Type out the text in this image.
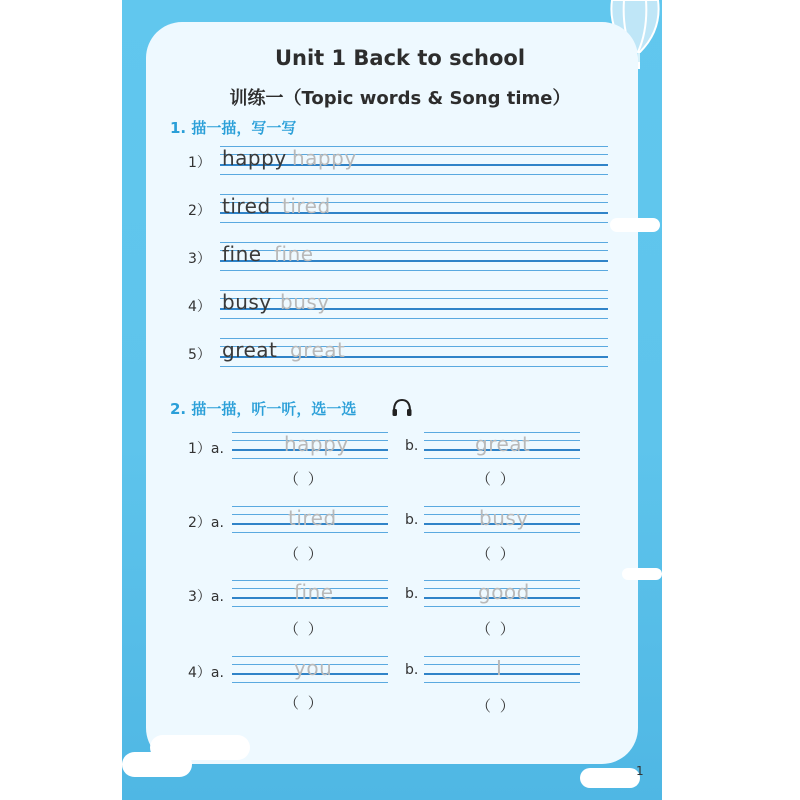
Unit 1 Back to school
训练一（Topic words & Song time）
1. 描一描，写一写
1） happy happy
2） tired tired
3） fine fine
4） busy busy
5） great great
2. 描一描，听一听，选一选
1）a.	happy	b.	great
（ ）	（ ）
2）a.	tired	b.	busy
（ ）	（ ）
3）a.	fine	b.	good
（ ）	（ ）
4）a.	you	b.	I
（ ）	（ ）
1
